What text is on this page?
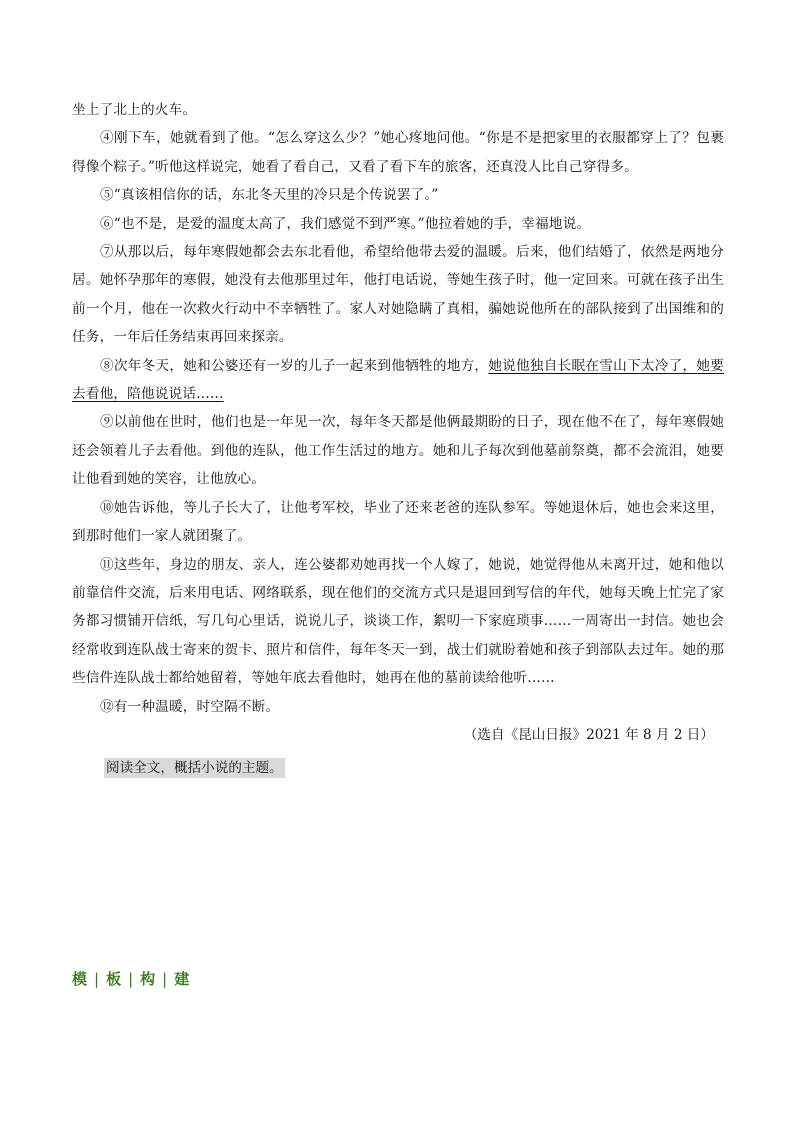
坐上了北上的火车。

④刚下车，她就看到了他。“怎么穿这么少？”她心疼地问他。“你是不是把家里的衣服都穿上了？包裹得像个粽子。”听他这样说完，她看了看自己，又看了看下车的旅客，还真没人比自己穿得多。

⑤“真该相信你的话，东北冬天里的冷只是个传说罢了。”

⑥“也不是，是爱的温度太高了，我们感觉不到严寒。”他拉着她的手，幸福地说。

⑦从那以后，每年寒假她都会去东北看他，希望给他带去爱的温暖。后来，他们结婚了，依然是两地分居。她怀孕那年的寒假，她没有去他那里过年，他打电话说，等她生孩子时，他一定回来。可就在孩子出生前一个月，他在一次救火行动中不幸牺牲了。家人对她隐瞒了真相，骗她说他所在的部队接到了出国维和的任务，一年后任务结束再回来探亲。

⑧次年冬天，她和公婆还有一岁的儿子一起来到他牺牲的地方，她说他独自长眠在雪山下太冷了，她要去看他，陪他说说话……

⑨以前他在世时，他们也是一年见一次，每年冬天都是他俩最期盼的日子，现在他不在了，每年寒假她还会领着儿子去看他。到他的连队，他工作生活过的地方。她和儿子每次到他墓前祭奠，都不会流泪，她要让他看到她的笑容，让他放心。

⑩她告诉他，等儿子长大了，让他考军校，毕业了还来老爸的连队参军。等她退休后，她也会来这里，到那时他们一家人就团聚了。

⑪这些年，身边的朋友、亲人，连公婆都劝她再找一个人嫁了，她说，她觉得他从未离开过，她和他以前靠信件交流，后来用电话、网络联系，现在他们的交流方式只是退回到写信的年代，她每天晚上忙完了家务都习惯铺开信纸，写几句心里话，说说儿子，谈谈工作，絮叨一下家庭琐事……一周寄出一封信。她也会经常收到连队战士寄来的贺卡、照片和信件，每年冬天一到，战士们就盼着她和孩子到部队去过年。她的那些信件连队战士都给她留着，等她年底去看他时，她再在他的墓前读给他听……

⑫有一种温暖，时空隔不断。

（选自《昆山日报》2021 年 8 月 2 日）

阅读全文，概括小说的主题。
模 | 板 | 构 | 建
